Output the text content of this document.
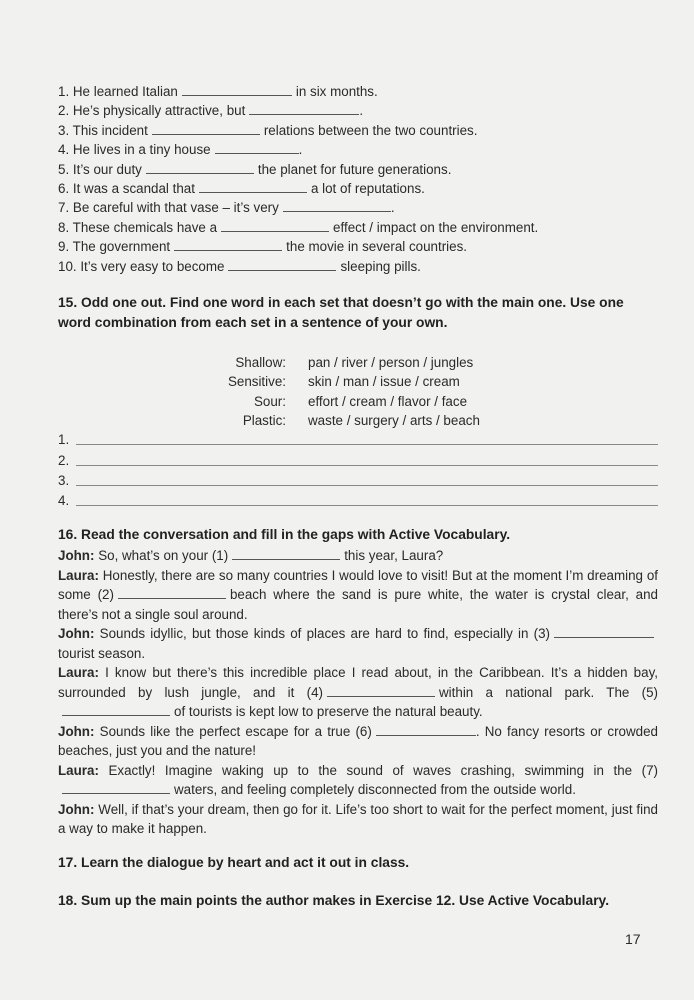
1. He learned Italian	in six months.
2. He’s physically attractive, but	.
3. This incident	relations between the two countries.
4. He lives in a tiny house	.
5. It’s our duty	the planet for future generations.
6. It was a scandal that	a lot of reputations.
7. Be careful with that vase – it’s very	.
8. These chemicals have a	effect / impact on the environment.
9. The government	the movie in several countries.
10. It’s very easy to become	sleeping pills.
15. Odd one out. Find one word in each set that doesn’t go with the main one. Use one word combination from each set in a sentence of your own.
Shallow:	pan / river / person / jungles
Sensitive:	skin / man / issue / cream
Sour:	effort / cream / flavor / face
Plastic:	waste / surgery / arts / beach
1.
2.
3.
4.
16. Read the conversation and fill in the gaps with Active Vocabulary.

John: So, what’s on your (1)	this year, Laura?

Laura: Honestly, there are so many countries I would love to visit! But at the moment I’m dreaming of some (2)	beach where the sand is pure white, the water is crystal clear, and there’s not a single soul around.

John: Sounds idyllic, but those kinds of places are hard to find, especially in (3)tourist season.

Laura: I know but there’s this incredible place I read about, in the Caribbean. It’s a hidden bay, surrounded by lush jungle, and it (4)	within a national park. The (5)of tourists is kept low to preserve the natural beauty.

John: Sounds like the perfect escape for a true (6)	. No fancy resorts or crowded beaches, just you and the nature!

Laura: Exactly! Imagine waking up to the sound of waves crashing, swimming in the (7)waters, and feeling completely disconnected from the outside world.

John: Well, if that’s your dream, then go for it. Life’s too short to wait for the perfect moment, just find a way to make it happen.

17. Learn the dialogue by heart and act it out in class.
18. Sum up the main points the author makes in Exercise 12. Use Active Vocabulary.
17
